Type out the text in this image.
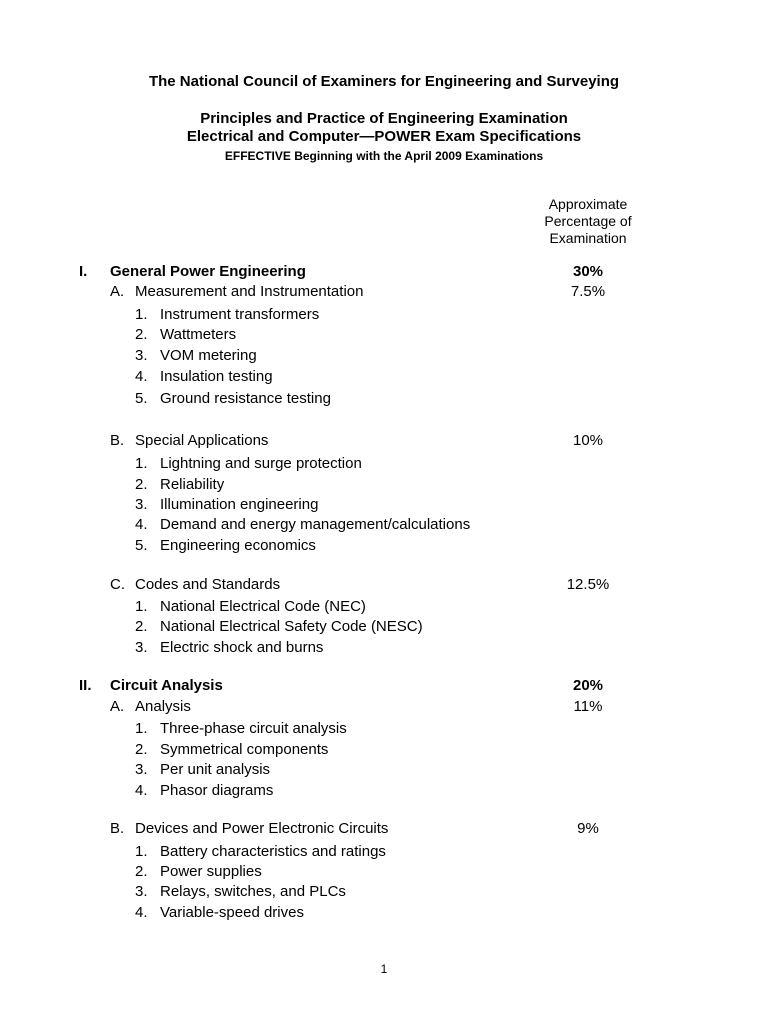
The National Council of Examiners for Engineering and Surveying
Principles and Practice of Engineering Examination
Electrical and Computer—POWER Exam Specifications
EFFECTIVE Beginning with the April 2009 Examinations
Approximate
Percentage of
Examination
I. General Power Engineering	30%
A. Measurement and Instrumentation	7.5%
1. Instrument transformers
2. Wattmeters
3. VOM metering
4. Insulation testing
5. Ground resistance testing
B. Special Applications	10%
1. Lightning and surge protection
2. Reliability
3. Illumination engineering
4. Demand and energy management/calculations
5. Engineering economics
C. Codes and Standards	12.5%
1. National Electrical Code (NEC)
2. National Electrical Safety Code (NESC)
3. Electric shock and burns
II. Circuit Analysis	20%
A. Analysis	11%
1. Three-phase circuit analysis
2. Symmetrical components
3. Per unit analysis
4. Phasor diagrams
B. Devices and Power Electronic Circuits	9%
1. Battery characteristics and ratings
2. Power supplies
3. Relays, switches, and PLCs
4. Variable-speed drives
1
